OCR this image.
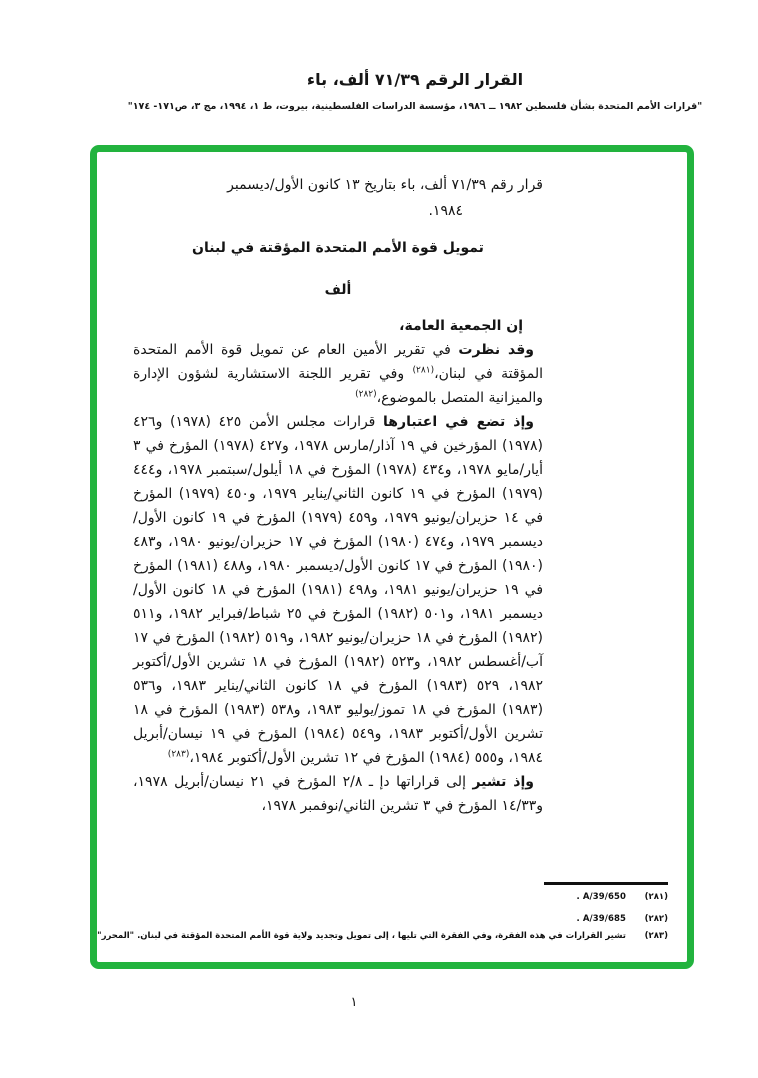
القرار الرقم ٧١/٣٩ ألف، باء
"قرارات الأمم المتحدة بشأن فلسطين ١٩٨٢ ــ ١٩٨٦، مؤسسة الدراسات الفلسطينية، بيروت، ط ١، ١٩٩٤، مج ٣، ص١٧١- ١٧٤"
قرار رقم ٧١/٣٩ ألف، باء بتاريخ ١٣ كانون الأول/ديسمبر
١٩٨٤.
تمويل قوة الأمم المتحدة المؤقتة في لبنان
ألف
إن الجمعية العامة،

وقد نظرت في تقرير الأمين العام عن تمويل قوة الأمم المتحدة المؤقتة في لبنان،$^{(٢٨١)}$ وفي تقرير اللجنة الاستشارية لشؤون الإدارة والميزانية المتصل بالموضوع،$^{(٢٨٢)}$

وإذ تضع في اعتبارها قرارات مجلس الأمن ٤٢٥ (١٩٧٨) و٤٢٦ (١٩٧٨) المؤرخين في ١٩ آذار/مارس ١٩٧٨، و٤٢٧ (١٩٧٨) المؤرخ في ٣ أيار/مايو ١٩٧٨، و٤٣٤ (١٩٧٨) المؤرخ في ١٨ أيلول/سبتمبر ١٩٧٨، و٤٤٤ (١٩٧٩) المؤرخ في ١٩ كانون الثاني/يناير ١٩٧٩، و٤٥٠ (١٩٧٩) المؤرخ في ١٤ حزيران/يونيو ١٩٧٩، و٤٥٩ (١٩٧٩) المؤرخ في ١٩ كانون الأول/ديسمبر ١٩٧٩، و٤٧٤ (١٩٨٠) المؤرخ في ١٧ حزيران/يونيو ١٩٨٠، و٤٨٣ (١٩٨٠) المؤرخ في ١٧ كانون الأول/ديسمبر ١٩٨٠، و٤٨٨ (١٩٨١) المؤرخ في ١٩ حزيران/يونيو ١٩٨١، و٤٩٨ (١٩٨١) المؤرخ في ١٨ كانون الأول/ديسمبر ١٩٨١، و٥٠١ (١٩٨٢) المؤرخ في ٢٥ شباط/فبراير ١٩٨٢، و٥١١ (١٩٨٢) المؤرخ في ١٨ حزيران/يونيو ١٩٨٢، و٥١٩ (١٩٨٢) المؤرخ في ١٧ آب/أغسطس ١٩٨٢، و٥٢٣ (١٩٨٢) المؤرخ في ١٨ تشرين الأول/أكتوبر ١٩٨٢، ٥٢٩ (١٩٨٣) المؤرخ في ١٨ كانون الثاني/يناير ١٩٨٣، و٥٣٦ (١٩٨٣) المؤرخ في ١٨ تموز/يوليو ١٩٨٣، و٥٣٨ (١٩٨٣) المؤرخ في ١٨ تشرين الأول/أكتوبر ١٩٨٣، و٥٤٩ (١٩٨٤) المؤرخ في ١٩ نيسان/أبريل ١٩٨٤، و٥٥٥ (١٩٨٤) المؤرخ في ١٢ تشرين الأول/أكتوبر ١٩٨٤،$^{(٢٨٣)}$

وإذ تشير إلى قراراتها دإ ـ ٢/٨ المؤرخ في ٢١ نيسان/أبريل ١٩٧٨، و١٤/٣٣ المؤرخ في ٣ تشرين الثاني/نوفمبر ١٩٧٨،

(٢٨١)A/39/650 .
(٢٨٢)A/39/685 .
(٢٨٣)تشير القرارات في هذه الفقرة، وفي الفقرة التي تليها ، إلى تمويل وتجديد ولاية قوة الأمم المتحدة المؤقتة في لبنان. "المحرر"
١
